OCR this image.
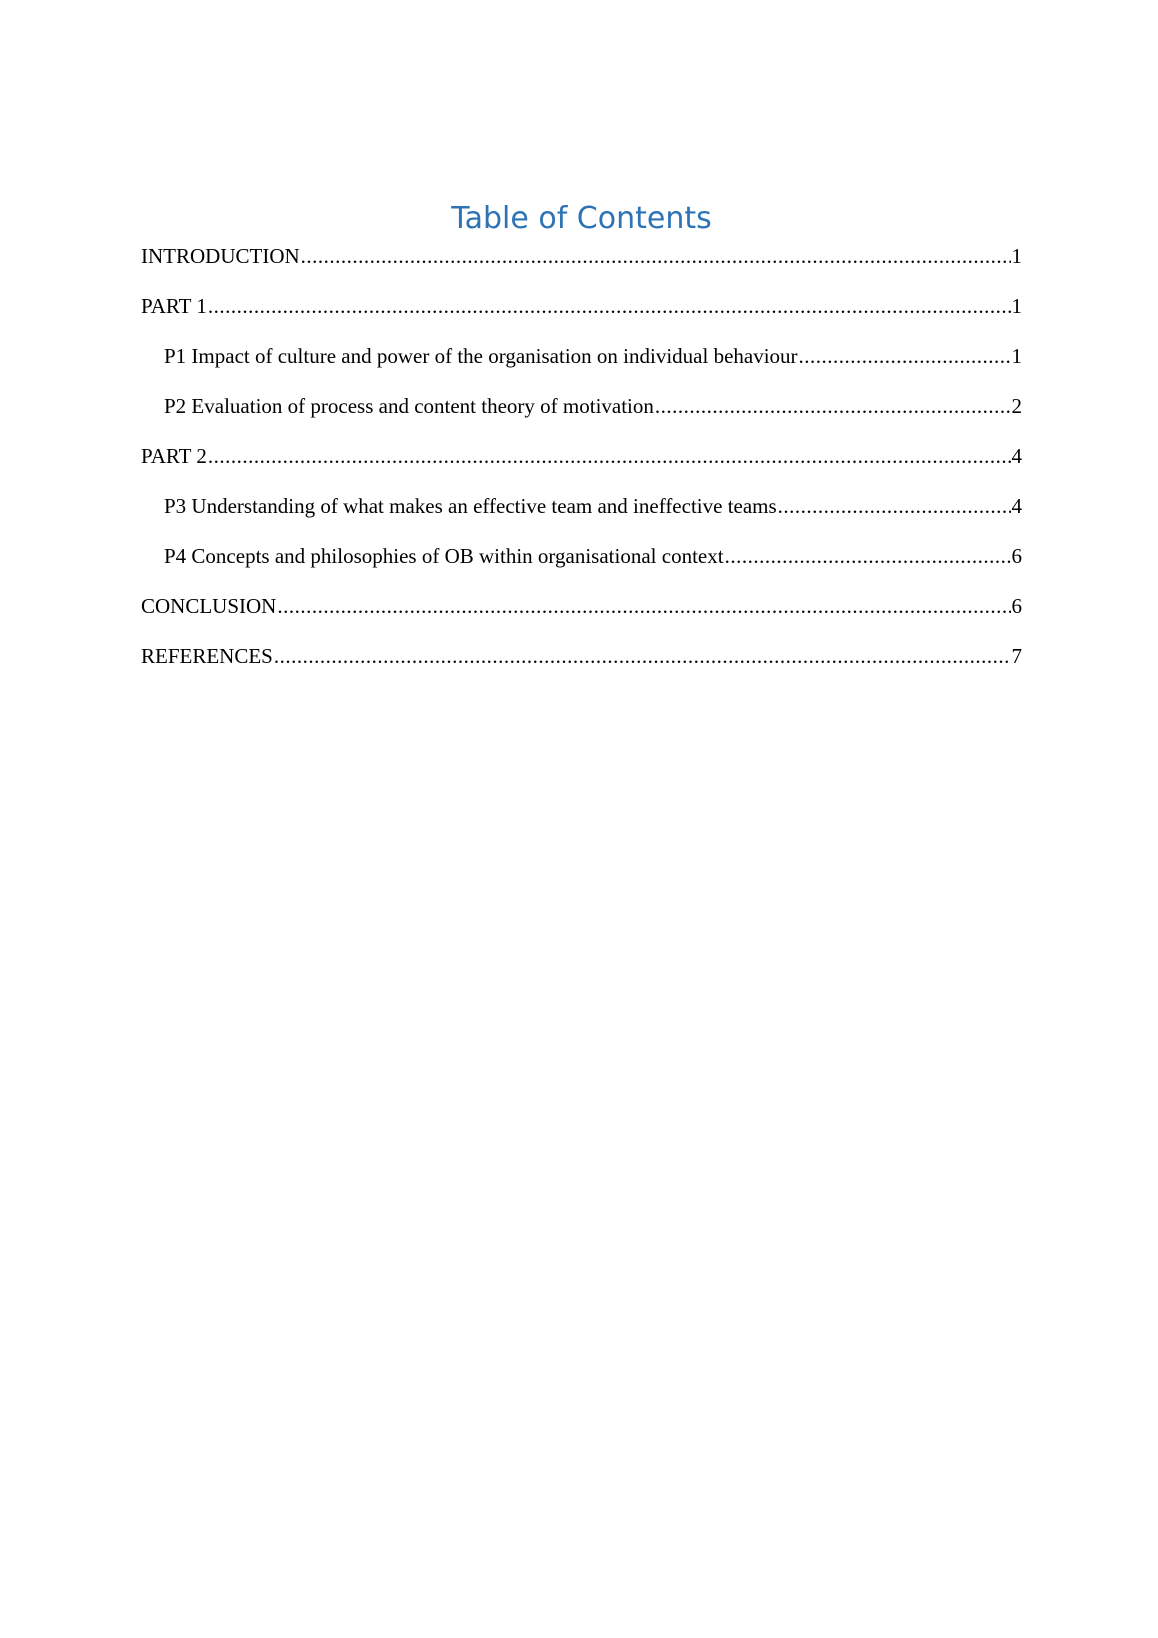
Table of Contents
INTRODUCTION .....	1
PART 1 .....	1
P1 Impact of culture and power of the organisation on individual behaviour .....	1
P2 Evaluation of process and content theory of motivation .....	2
PART 2 .....	4
P3 Understanding of what makes an effective team and ineffective teams .....	4
P4 Concepts and philosophies of OB within organisational context .....	6
CONCLUSION .....	6
REFERENCES .....	7
